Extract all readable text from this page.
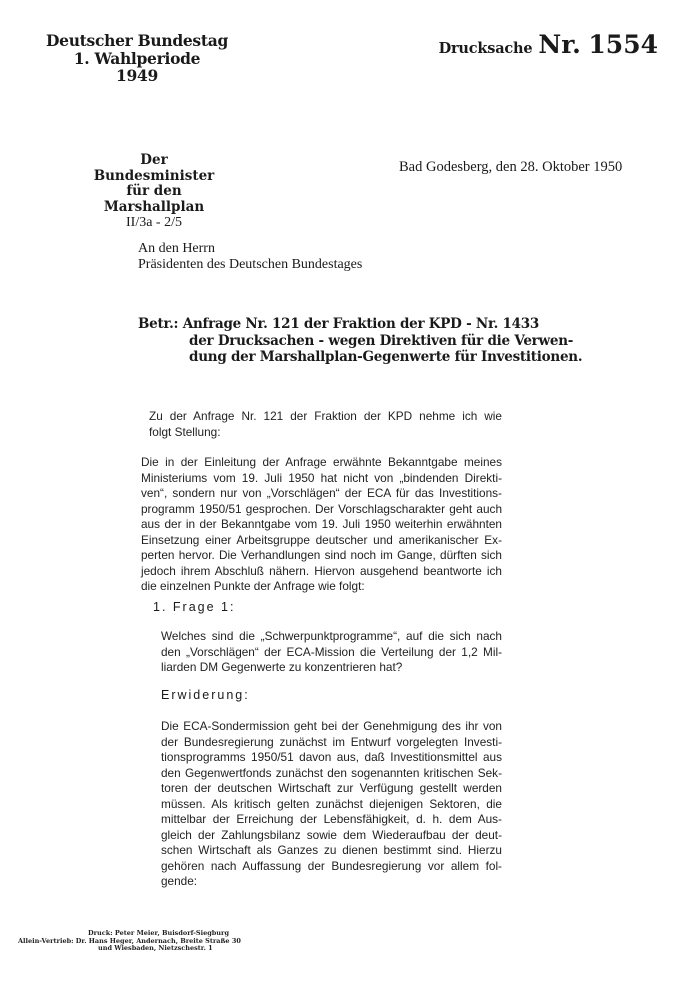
Deutscher Bundestag
1. Wahlperiode
1949
Drucksache Nr. 1554
Der Bundesminister
für den Marshallplan
II/3a - 2/5
Bad Godesberg, den 28. Oktober 1950
An den Herrn
Präsidenten des Deutschen Bundestages
Betr.: Anfrage Nr. 121 der Fraktion der KPD - Nr. 1433
der Drucksachen - wegen Direktiven für die Verwen-
dung der Marshallplan-Gegenwerte für Investitionen.
Zu der Anfrage Nr. 121 der Fraktion der KPD nehme ich wie
folgt Stellung:
Die in der Einleitung der Anfrage erwähnte Bekanntgabe meines
Ministeriums vom 19. Juli 1950 hat nicht von „bindenden Direkti-
ven“, sondern nur von „Vorschlägen“ der ECA für das Investitions-
programm 1950/51 gesprochen. Der Vorschlagscharakter geht auch
aus der in der Bekanntgabe vom 19. Juli 1950 weiterhin erwähnten
Einsetzung einer Arbeitsgruppe deutscher und amerikanischer Ex-
perten hervor. Die Verhandlungen sind noch im Gange, dürften sich
jedoch ihrem Abschluß nähern. Hiervon ausgehend beantworte ich
die einzelnen Punkte der Anfrage wie folgt:
1. Frage 1:
Welches sind die „Schwerpunktprogramme“, auf die sich nach
den „Vorschlägen“ der ECA-Mission die Verteilung der 1,2 Mil-
liarden DM Gegenwerte zu konzentrieren hat?
Erwiderung:
Die ECA-Sondermission geht bei der Genehmigung des ihr von
der Bundesregierung zunächst im Entwurf vorgelegten Investi-
tionsprogramms 1950/51 davon aus, daß Investitionsmittel aus
den Gegenwertfonds zunächst den sogenannten kritischen Sek-
toren der deutschen Wirtschaft zur Verfügung gestellt werden
müssen. Als kritisch gelten zunächst diejenigen Sektoren, die
mittelbar der Erreichung der Lebensfähigkeit, d. h. dem Aus-
gleich der Zahlungsbilanz sowie dem Wiederaufbau der deut-
schen Wirtschaft als Ganzes zu dienen bestimmt sind. Hierzu
gehören nach Auffassung der Bundesregierung vor allem fol-
gende:
Druck: Peter Meier, Buisdorf-Siegburg
Allein-Vertrieb: Dr. Hans Heger, Andernach, Breite Straße 30
und Wiesbaden, Nietzschestr. 1
